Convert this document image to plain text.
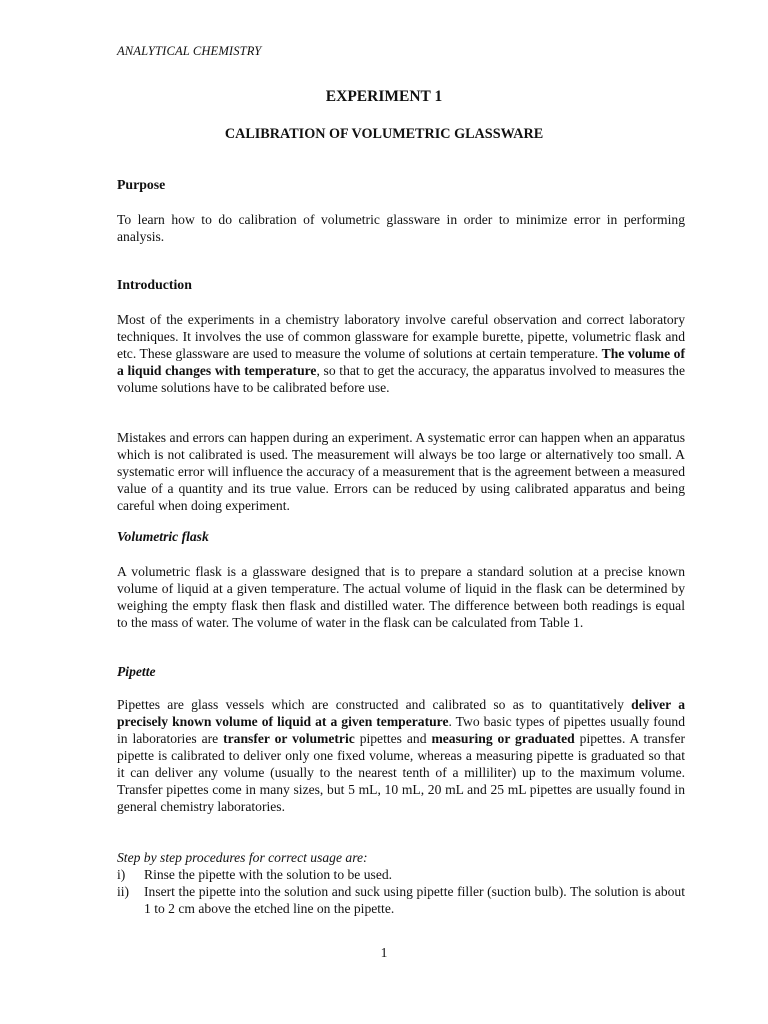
ANALYTICAL CHEMISTRY
EXPERIMENT 1
CALIBRATION OF VOLUMETRIC GLASSWARE
Purpose
To learn how to do calibration of volumetric glassware in order to minimize error in performing analysis.
Introduction
Most of the experiments in a chemistry laboratory involve careful observation and correct laboratory techniques. It involves the use of common glassware for example burette, pipette, volumetric flask and etc. These glassware are used to measure the volume of solutions at certain temperature. The volume of a liquid changes with temperature, so that to get the accuracy, the apparatus involved to measures the volume solutions have to be calibrated before use.
Mistakes and errors can happen during an experiment. A systematic error can happen when an apparatus which is not calibrated is used. The measurement will always be too large or alternatively too small. A systematic error will influence the accuracy of a measurement that is the agreement between a measured value of a quantity and its true value. Errors can be reduced by using calibrated apparatus and being careful when doing experiment.
Volumetric flask
A volumetric flask is a glassware designed that is to prepare a standard solution at a precise known volume of liquid at a given temperature. The actual volume of liquid in the flask can be determined by weighing the empty flask then flask and distilled water. The difference between both readings is equal to the mass of water. The volume of water in the flask can be calculated from Table 1.
Pipette
Pipettes are glass vessels which are constructed and calibrated so as to quantitatively deliver a precisely known volume of liquid at a given temperature. Two basic types of pipettes usually found in laboratories are transfer or volumetric pipettes and measuring or graduated pipettes. A transfer pipette is calibrated to deliver only one fixed volume, whereas a measuring pipette is graduated so that it can deliver any volume (usually to the nearest tenth of a milliliter) up to the maximum volume. Transfer pipettes come in many sizes, but 5 mL, 10 mL, 20 mL and 25 mL pipettes are usually found in general chemistry laboratories.
Step by step procedures for correct usage are:
i) Rinse the pipette with the solution to be used.
ii) Insert the pipette into the solution and suck using pipette filler (suction bulb). The solution is about 1 to 2 cm above the etched line on the pipette.
1
